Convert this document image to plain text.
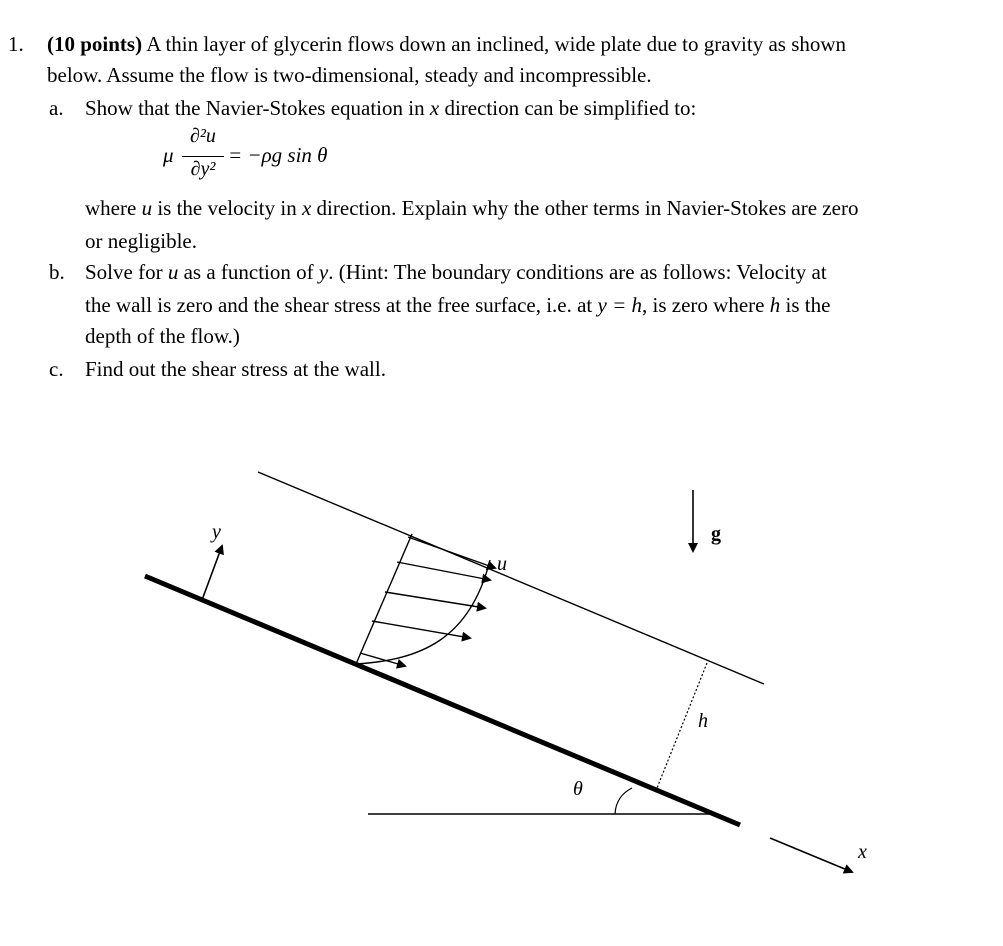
1. (10 points) A thin layer of glycerin flows down an inclined, wide plate due to gravity as shown
below. Assume the flow is two-dimensional, steady and incompressible.
a. Show that the Navier-Stokes equation in x direction can be simplified to:
μ
∂²u
∂y²
= −ρg sin θ
where u is the velocity in x direction. Explain why the other terms in Navier-Stokes are zero
or negligible.
b. Solve for u as a function of y. (Hint: The boundary conditions are as follows: Velocity at
the wall is zero and the shear stress at the free surface, i.e. at y = h, is zero where h is the
depth of the flow.)
c. Find out the shear stress at the wall.
y
u
g
h
θ
x
